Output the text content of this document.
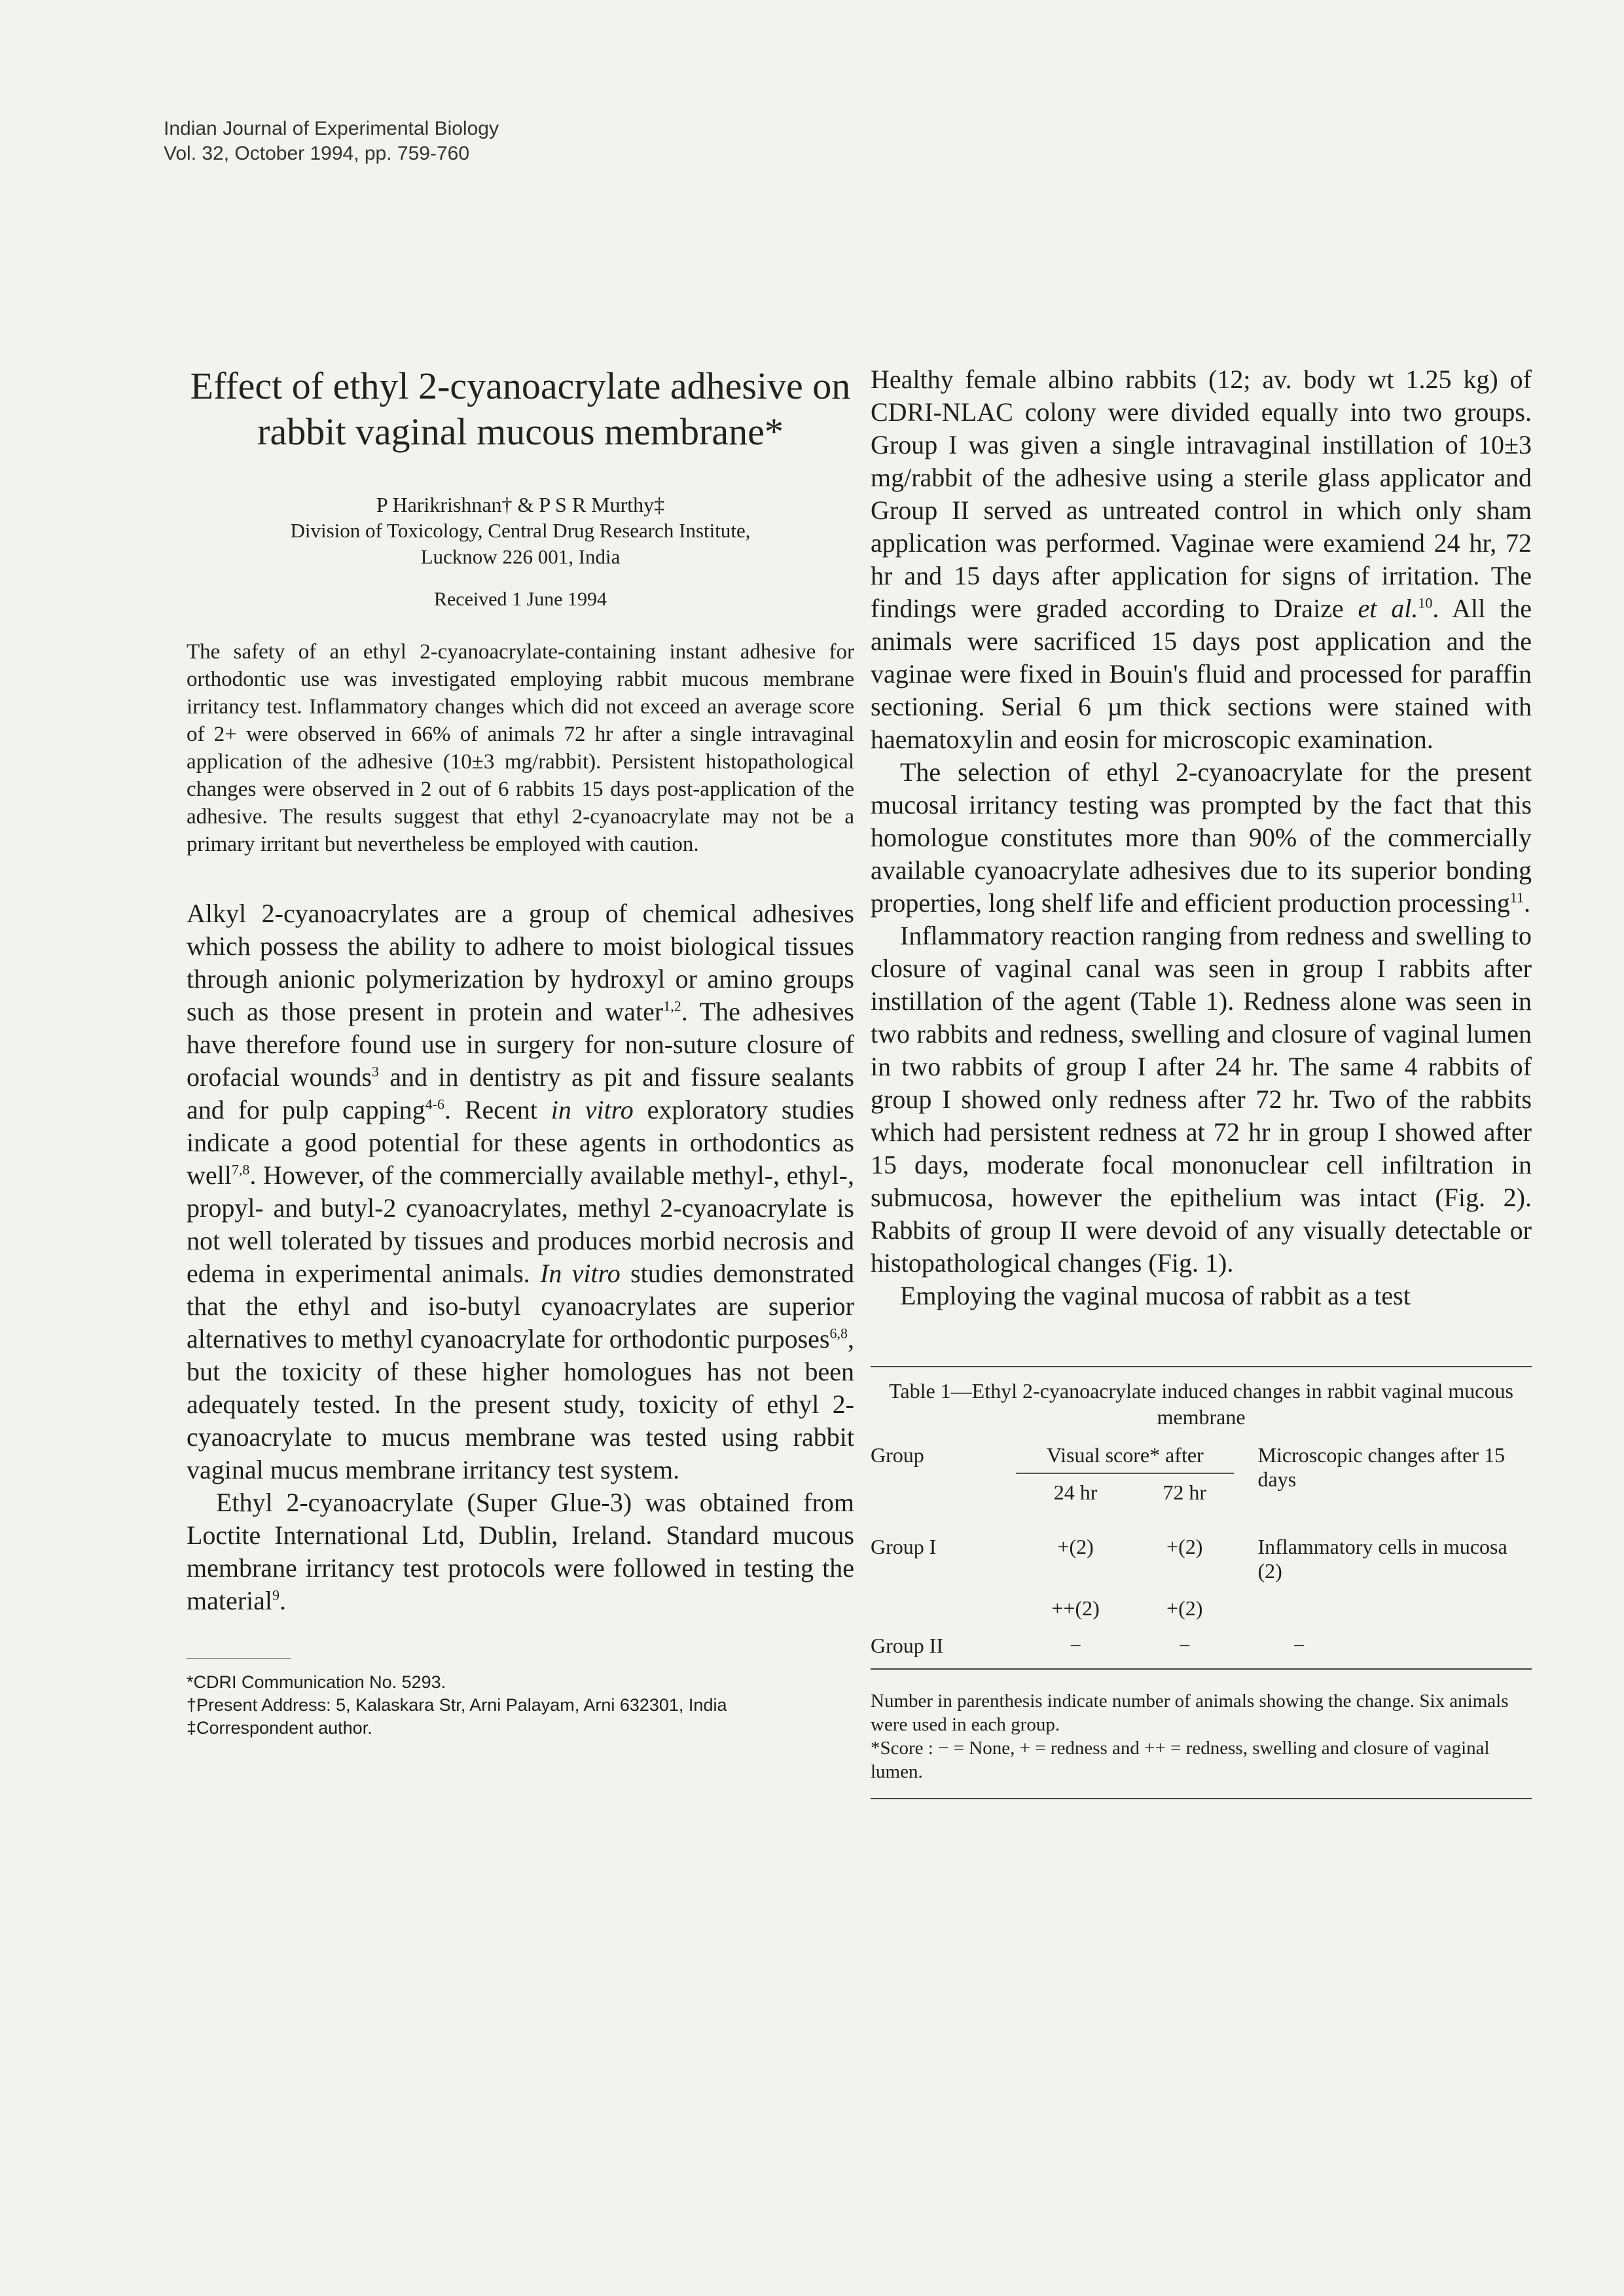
Indian Journal of Experimental Biology
Vol. 32, October 1994, pp. 759-760
Effect of ethyl 2-cyanoacrylate adhesive on rabbit vaginal mucous membrane*

P Harikrishnan† & P S R Murthy‡

Division of Toxicology, Central Drug Research Institute,

Lucknow 226 001, India

Received 1 June 1994

The safety of an ethyl 2-cyanoacrylate-containing instant adhesive for orthodontic use was investigated employing rabbit mucous membrane irritancy test. Inflammatory changes which did not exceed an average score of 2+ were observed in 66% of animals 72 hr after a single intravaginal application of the adhesive (10±3 mg/rabbit). Persistent histopathological changes were observed in 2 out of 6 rabbits 15 days post-application of the adhesive. The results suggest that ethyl 2-cyanoacrylate may not be a primary irritant but nevertheless be employed with caution.

Alkyl 2-cyanoacrylates are a group of chemical adhesives which possess the ability to adhere to moist biological tissues through anionic polymerization by hydroxyl or amino groups such as those present in protein and water$^{1,2}$. The adhesives have therefore found use in surgery for non-suture closure of orofacial wounds$^3$ and in dentistry as pit and fissure sealants and for pulp capping$^{4-6}$. Recent in vitro exploratory studies indicate a good potential for these agents in orthodontics as well$^{7,8}$. However, of the commercially available methyl-, ethyl-, propyl- and butyl-2 cyanoacrylates, methyl 2-cyanoacrylate is not well tolerated by tissues and produces morbid necrosis and edema in experimental animals. In vitro studies demonstrated that the ethyl and iso-butyl cyanoacrylates are superior alternatives to methyl cyanoacrylate for orthodontic purposes$^{6,8}$, but the toxicity of these higher homologues has not been adequately tested. In the present study, toxicity of ethyl 2-cyanoacrylate to mucus membrane was tested using rabbit vaginal mucus membrane irritancy test system.

Ethyl 2-cyanoacrylate (Super Glue-3) was obtained from Loctite International Ltd, Dublin, Ireland. Standard mucous membrane irritancy test protocols were followed in testing the material$^9$.

*CDRI Communication No. 5293.

†Present Address: 5, Kalaskara Str, Arni Palayam, Arni 632301, India

‡Correspondent author.

Healthy female albino rabbits (12; av. body wt 1.25 kg) of CDRI-NLAC colony were divided equally into two groups. Group I was given a single intravaginal instillation of 10±3 mg/rabbit of the adhesive using a sterile glass applicator and Group II served as untreated control in which only sham application was performed. Vaginae were examiend 24 hr, 72 hr and 15 days after application for signs of irritation. The findings were graded according to Draize et al.$^{10}$. All the animals were sacrificed 15 days post application and the vaginae were fixed in Bouin's fluid and processed for paraffin sectioning. Serial 6 µm thick sections were stained with haematoxylin and eosin for microscopic examination.

The selection of ethyl 2-cyanoacrylate for the present mucosal irritancy testing was prompted by the fact that this homologue constitutes more than 90% of the commercially available cyanoacrylate adhesives due to its superior bonding properties, long shelf life and efficient production processing$^{11}$.

Inflammatory reaction ranging from redness and swelling to closure of vaginal canal was seen in group I rabbits after instillation of the agent (Table 1). Redness alone was seen in two rabbits and redness, swelling and closure of vaginal lumen in two rabbits of group I after 24 hr. The same 4 rabbits of group I showed only redness after 72 hr. Two of the rabbits which had persistent redness at 72 hr in group I showed after 15 days, moderate focal mononuclear cell infiltration in submucosa, however the epithelium was intact (Fig. 2). Rabbits of group II were devoid of any visually detectable or histopathological changes (Fig. 1).

Employing the vaginal mucosa of rabbit as a test

Table 1—Ethyl 2-cyanoacrylate induced changes in rabbit vaginal mucous membrane
Group	Visual score* after		Microscopic changes after 15 days
	24 hr	72 hr	
Group I	+(2)	+(2)	Inflammatory cells in mucosa (2)
	++(2)	+(2)	
Group II	−	−	−

Number in parenthesis indicate number of animals showing the change. Six animals were used in each group.

*Score : − = None, + = redness and ++ = redness, swelling and closure of vaginal lumen.
